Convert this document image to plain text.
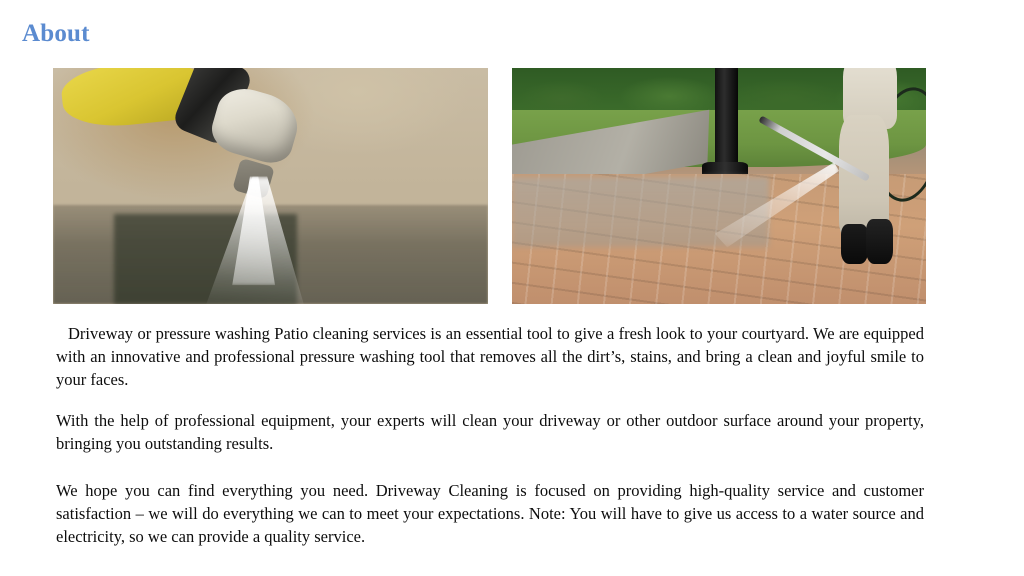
About

Driveway or pressure washing Patio cleaning services is an essential tool to give a fresh look to your courtyard. We are equipped with an innovative and professional pressure washing tool that removes all the dirt’s, stains, and bring a clean and joyful smile to your faces.

With the help of professional equipment, your experts will clean your driveway or other outdoor surface around your property, bringing you outstanding results.

We hope you can find everything you need. Driveway Cleaning is focused on providing high-quality service and customer satisfaction – we will do everything we can to meet your expectations. Note: You will have to give us access to a water source and electricity, so we can provide a quality service.
